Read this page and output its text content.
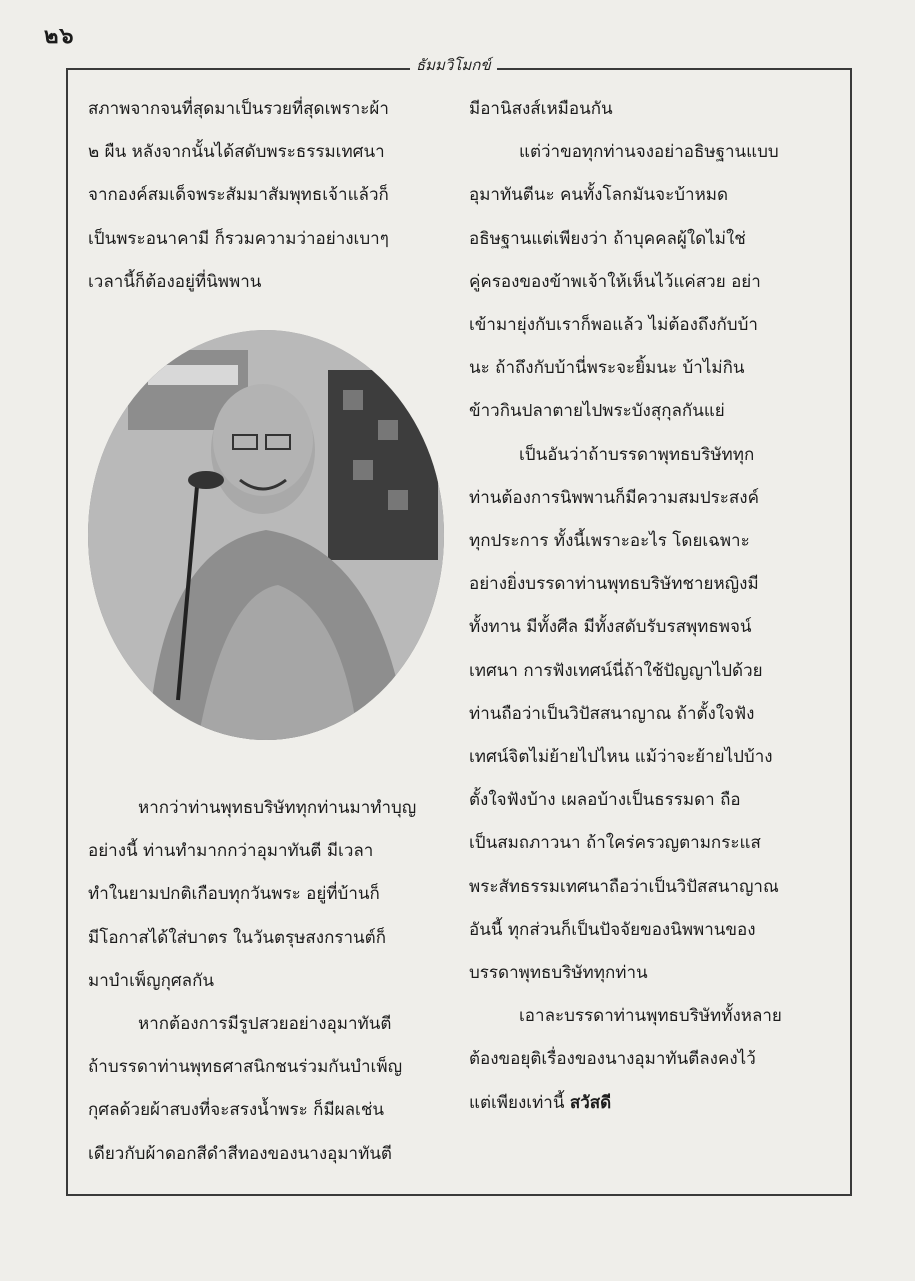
๒๖
ธัมมวิโมกข์

สภาพจากจนที่สุดมาเป็นรวยที่สุดเพราะผ้า

๒ ผืน หลังจากนั้นได้สดับพระธรรมเทศนา

จากองค์สมเด็จพระสัมมาสัมพุทธเจ้าแล้วก็

เป็นพระอนาคามี ก็รวมความว่าอย่างเบาๆ

เวลานี้ก็ต้องอยู่ที่นิพพาน

หากว่าท่านพุทธบริษัททุกท่านมาทำบุญ

อย่างนี้ ท่านทำมากกว่าอุมาทันตี มีเวลา

ทำในยามปกติเกือบทุกวันพระ อยู่ที่บ้านก็

มีโอกาสได้ใส่บาตร ในวันตรุษสงกรานต์ก็

มาบำเพ็ญกุศลกัน

หากต้องการมีรูปสวยอย่างอุมาทันตี

ถ้าบรรดาท่านพุทธศาสนิกชนร่วมกันบำเพ็ญ

กุศลด้วยผ้าสบงที่จะสรงน้ำพระ ก็มีผลเช่น

เดียวกับผ้าดอกสีดำสีทองของนางอุมาทันตี

มีอานิสงส์เหมือนกัน

แต่ว่าขอทุกท่านจงอย่าอธิษฐานแบบ

อุมาทันตีนะ คนทั้งโลกมันจะบ้าหมด

อธิษฐานแต่เพียงว่า ถ้าบุคคลผู้ใดไม่ใช่

คู่ครองของข้าพเจ้าให้เห็นไว้แค่สวย อย่า

เข้ามายุ่งกับเราก็พอแล้ว ไม่ต้องถึงกับบ้า

นะ ถ้าถึงกับบ้านี่พระจะยิ้มนะ บ้าไม่กิน

ข้าวกินปลาตายไปพระบังสุกุลกันแย่

เป็นอันว่าถ้าบรรดาพุทธบริษัททุก

ท่านต้องการนิพพานก็มีความสมประสงค์

ทุกประการ ทั้งนี้เพราะอะไร โดยเฉพาะ

อย่างยิ่งบรรดาท่านพุทธบริษัทชายหญิงมี

ทั้งทาน มีทั้งศีล มีทั้งสดับรับรสพุทธพจน์

เทศนา การฟังเทศน์นี่ถ้าใช้ปัญญาไปด้วย

ท่านถือว่าเป็นวิปัสสนาญาณ ถ้าตั้งใจฟัง

เทศน์จิตไม่ย้ายไปไหน แม้ว่าจะย้ายไปบ้าง

ตั้งใจฟังบ้าง เผลอบ้างเป็นธรรมดา ถือ

เป็นสมถภาวนา ถ้าใคร่ครวญตามกระแส

พระสัทธรรมเทศนาถือว่าเป็นวิปัสสนาญาณ

อันนี้ ทุกส่วนก็เป็นปัจจัยของนิพพานของ

บรรดาพุทธบริษัททุกท่าน

เอาละบรรดาท่านพุทธบริษัททั้งหลาย

ต้องขอยุติเรื่องของนางอุมาทันตีลงคงไว้

แต่เพียงเท่านี้ สวัสดี
